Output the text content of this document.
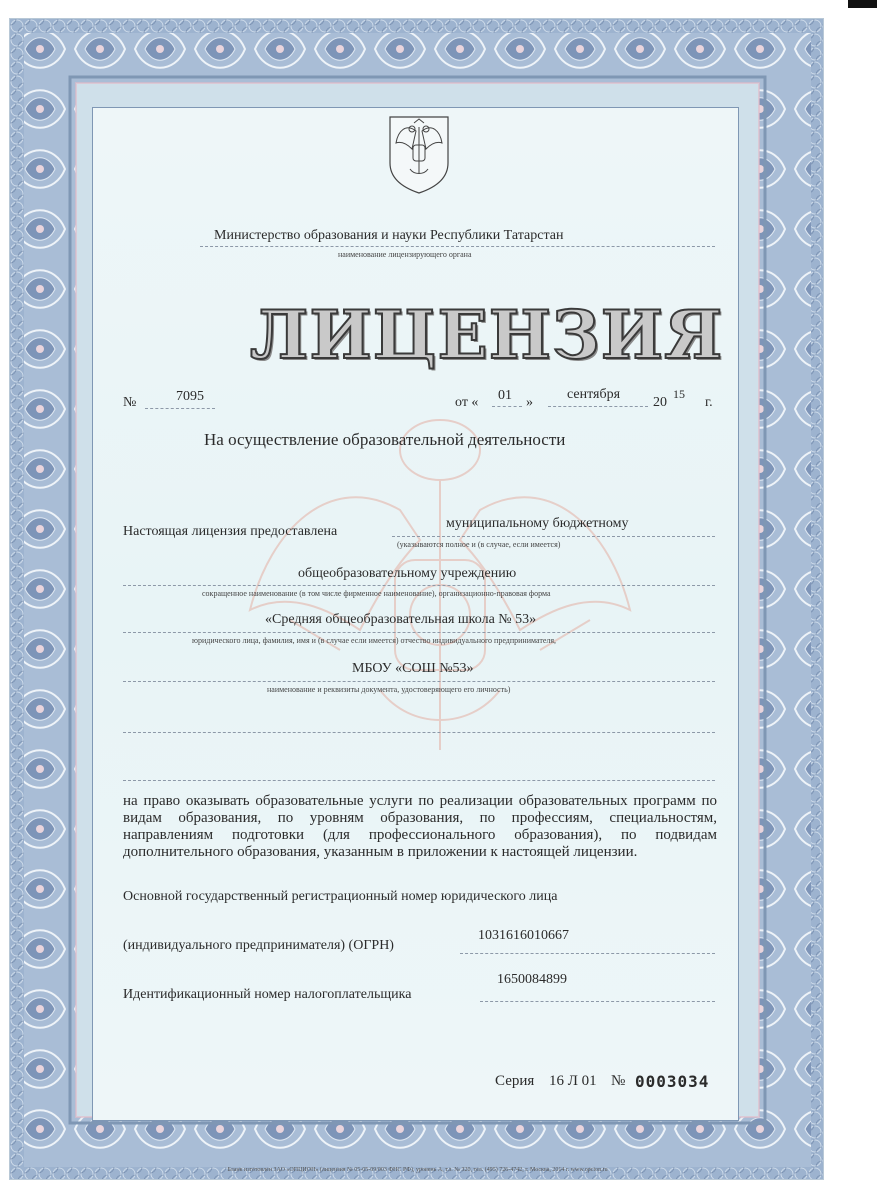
Бланк изготовлен ЗАО «ОПЦИОН» (лицензия № 05-05-09/003 ФНС РФ), уровень А, т.з. № 320, тел. (495) 726-4742, г. Москва, 2014 г. www.opcion.ru
Министерство образования и науки Республики Татарстан
наименование лицензирующего органа
ЛИЦЕНЗИЯ
№	7095	от « 01 »
сентября
20
15
г.
На осуществление образовательной деятельности
Настоящая лицензия предоставлена
муниципальному бюджетному
(указываются полное и (в случае, если имеется)
общеобразовательному учреждению
сокращенное наименование (в том числе фирменное наименование), организационно-правовая форма
«Средняя общеобразовательная школа № 53»
юридического лица, фамилия, имя и (в случае если имеется) отчество индивидуального предпринимателя,
МБОУ «СОШ №53»
наименование и реквизиты документа, удостоверяющего его личность)
на право оказывать образовательные услуги по реализации образовательных программ по видам образования, по уровням образования, по профессиям, специальностям, направлениям подготовки (для профессионального образования), по подвидам дополнительного образования, указанным в приложении к настоящей лицензии.
Основной государственный регистрационный номер юридического лица
(индивидуального предпринимателя) (ОГРН)
1031616010667
Идентификационный номер налогоплательщика
1650084899
Серия 16 Л 01 № 0003034
